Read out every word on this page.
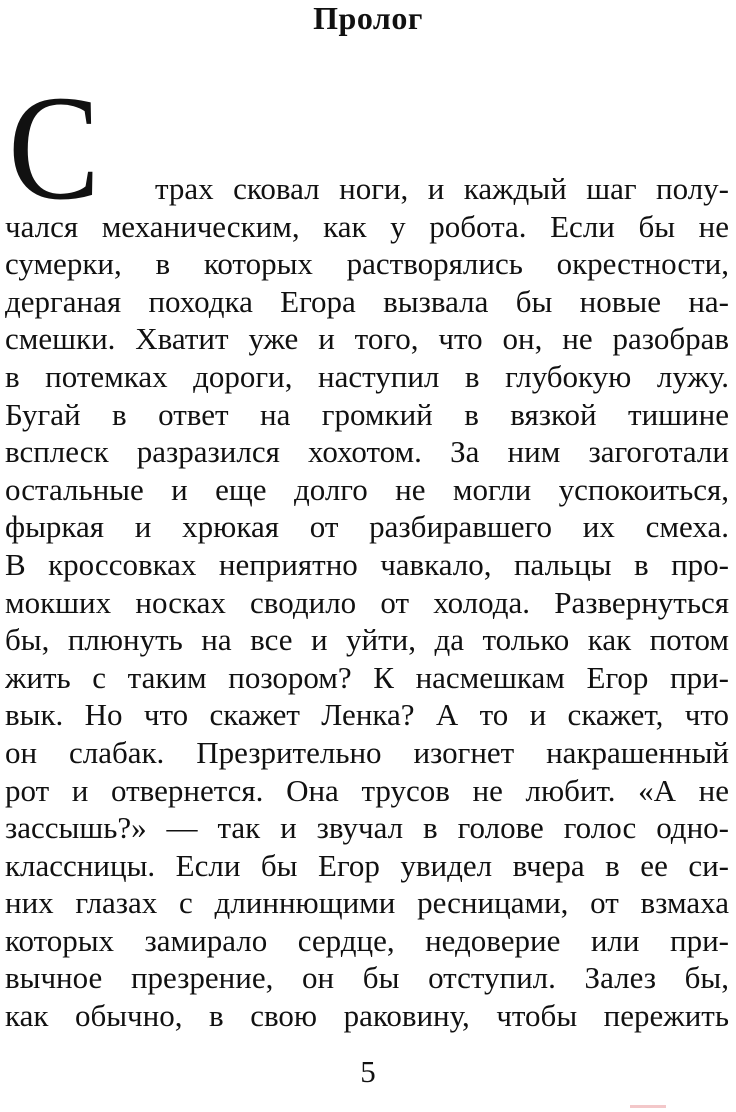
Пролог
С трах сковал ноги, и каждый шаг полу-
чался механическим, как у робота. Если бы не
сумерки, в которых растворялись окрестности,
дерганая походка Егора вызвала бы новые на-
смешки. Хватит уже и того, что он, не разобрав
в потемках дороги, наступил в глубокую лужу.
Бугай в ответ на громкий в вязкой тишине
всплеск разразился хохотом. За ним загоготали
остальные и еще долго не могли успокоиться,
фыркая и хрюкая от разбиравшего их смеха.
В кроссовках неприятно чавкало, пальцы в про-
мокших носках сводило от холода. Развернуться
бы, плюнуть на все и уйти, да только как потом
жить с таким позором? К насмешкам Егор при-
вык. Но что скажет Ленка? А то и скажет, что
он слабак. Презрительно изогнет накрашенный
рот и отвернется. Она трусов не любит. «А не
зассышь?» — так и звучал в голове голос одно-
классницы. Если бы Егор увидел вчера в ее си-
них глазах с длиннющими ресницами, от взмаха
которых замирало сердце, недоверие или при-
вычное презрение, он бы отступил. Залез бы,
как обычно, в свою раковину, чтобы пережить
5
